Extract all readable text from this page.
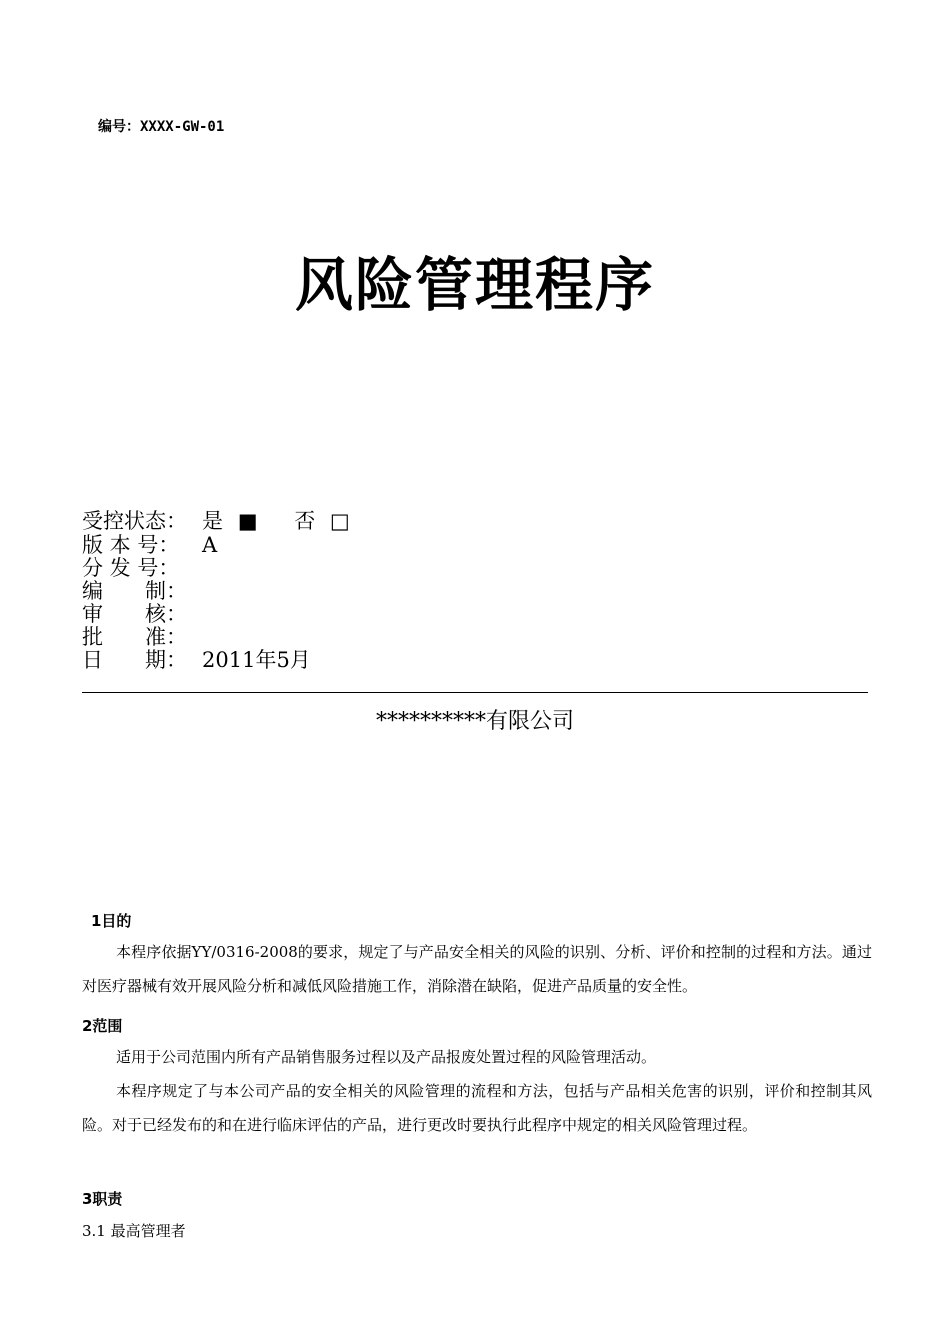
编号：XXXX-GW-01
风险管理程序
受控状态： 是 ■ 否 □
版 本 号： A
分 发 号：
编　　制：
审　　核：
批　　准：
日　　期： 2011年5月
**********有限公司
1目的
本程序依据YY/0316-2008的要求，规定了与产品安全相关的风险的识别、分析、评价和控制的过程和方法。通过对医疗器械有效开展风险分析和减低风险措施工作，消除潜在缺陷，促进产品质量的安全性。
2范围
适用于公司范围内所有产品销售服务过程以及产品报废处置过程的风险管理活动。
本程序规定了与本公司产品的安全相关的风险管理的流程和方法，包括与产品相关危害的识别，评价和控制其风险。对于已经发布的和在进行临床评估的产品，进行更改时要执行此程序中规定的相关风险管理过程。
3职责
3.1 最高管理者
